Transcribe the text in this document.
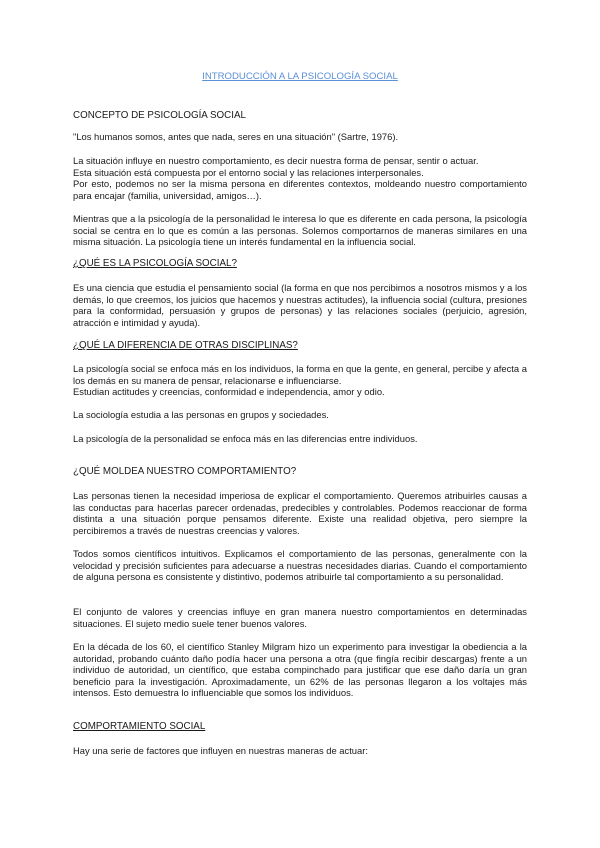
INTRODUCCIÓN A LA PSICOLOGÍA SOCIAL

CONCEPTO DE PSICOLOGÍA SOCIAL

"Los humanos somos, antes que nada, seres en una situación" (Sartre, 1976).

La situación influye en nuestro comportamiento, es decir nuestra forma de pensar, sentir o actuar.
Esta situación está compuesta por el entorno social y las relaciones interpersonales.
Por esto, podemos no ser la misma persona en diferentes contextos, moldeando nuestro comportamiento para encajar (familia, universidad, amigos…).

Mientras que a la psicología de la personalidad le interesa lo que es diferente en cada persona, la psicología social se centra en lo que es común a las personas. Solemos comportarnos de maneras similares en una misma situación. La psicología tiene un interés fundamental en la influencia social.

¿QUÉ ES LA PSICOLOGÍA SOCIAL?

Es una ciencia que estudia el pensamiento social (la forma en que nos percibimos a nosotros mismos y a los demás, lo que creemos, los juicios que hacemos y nuestras actitudes), la influencia social (cultura, presiones para la conformidad, persuasión y grupos de personas) y las relaciones sociales (perjuicio, agresión, atracción e intimidad y ayuda).

¿QUÉ LA DIFERENCIA DE OTRAS DISCIPLINAS?

La psicología social se enfoca más en los individuos, la forma en que la gente, en general, percibe y afecta a los demás en su manera de pensar, relacionarse e influenciarse.
Estudian actitudes y creencias, conformidad e independencia, amor y odio.

La sociología estudia a las personas en grupos y sociedades.

La psicología de la personalidad se enfoca más en las diferencias entre individuos.

¿QUÉ MOLDEA NUESTRO COMPORTAMIENTO?

Las personas tienen la necesidad imperiosa de explicar el comportamiento. Queremos atribuirles causas a las conductas para hacerlas parecer ordenadas, predecibles y controlables. Podemos reaccionar de forma distinta a una situación porque pensamos diferente. Existe una realidad objetiva, pero siempre la percibiremos a través de nuestras creencias y valores.

Todos somos científicos intuitivos. Explicamos el comportamiento de las personas, generalmente con la velocidad y precisión suficientes para adecuarse a nuestras necesidades diarias. Cuando el comportamiento de alguna persona es consistente y distintivo, podemos atribuirle tal comportamiento a su personalidad.

El conjunto de valores y creencias influye en gran manera nuestro comportamientos en determinadas situaciones. El sujeto medio suele tener buenos valores.

En la década de los 60, el científico Stanley Milgram hizo un experimento para investigar la obediencia a la autoridad, probando cuánto daño podía hacer una persona a otra (que fingía recibir descargas) frente a un individuo de autoridad, un científico, que estaba compinchado para justificar que ese daño daría un gran beneficio para la investigación. Aproximadamente, un 62% de las personas llegaron a los voltajes más intensos. Esto demuestra lo influenciable que somos los individuos.

COMPORTAMIENTO SOCIAL

Hay una serie de factores que influyen en nuestras maneras de actuar:
